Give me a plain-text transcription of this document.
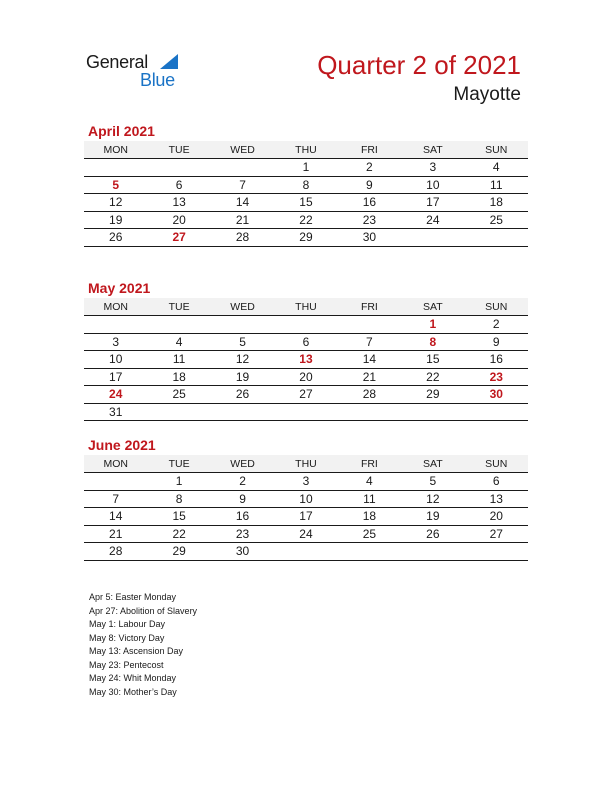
General
Blue	Quarter 2 of 2021
Mayotte
April 2021
MON	TUE	WED	THU	FRI	SAT	SUN
			1	2	3	4
5	6	7	8	9	10	11
12	13	14	15	16	17	18
19	20	21	22	23	24	25
26	27	28	29	30		
May 2021
MON	TUE	WED	THU	FRI	SAT	SUN
					1	2
3	4	5	6	7	8	9
10	11	12	13	14	15	16
17	18	19	20	21	22	23
24	25	26	27	28	29	30
31						
June 2021
MON	TUE	WED	THU	FRI	SAT	SUN
	1	2	3	4	5	6
7	8	9	10	11	12	13
14	15	16	17	18	19	20
21	22	23	24	25	26	27
28	29	30				
Apr 5: Easter Monday
Apr 27: Abolition of Slavery
May 1: Labour Day
May 8: Victory Day
May 13: Ascension Day
May 23: Pentecost
May 24: Whit Monday
May 30: Mother’s Day
